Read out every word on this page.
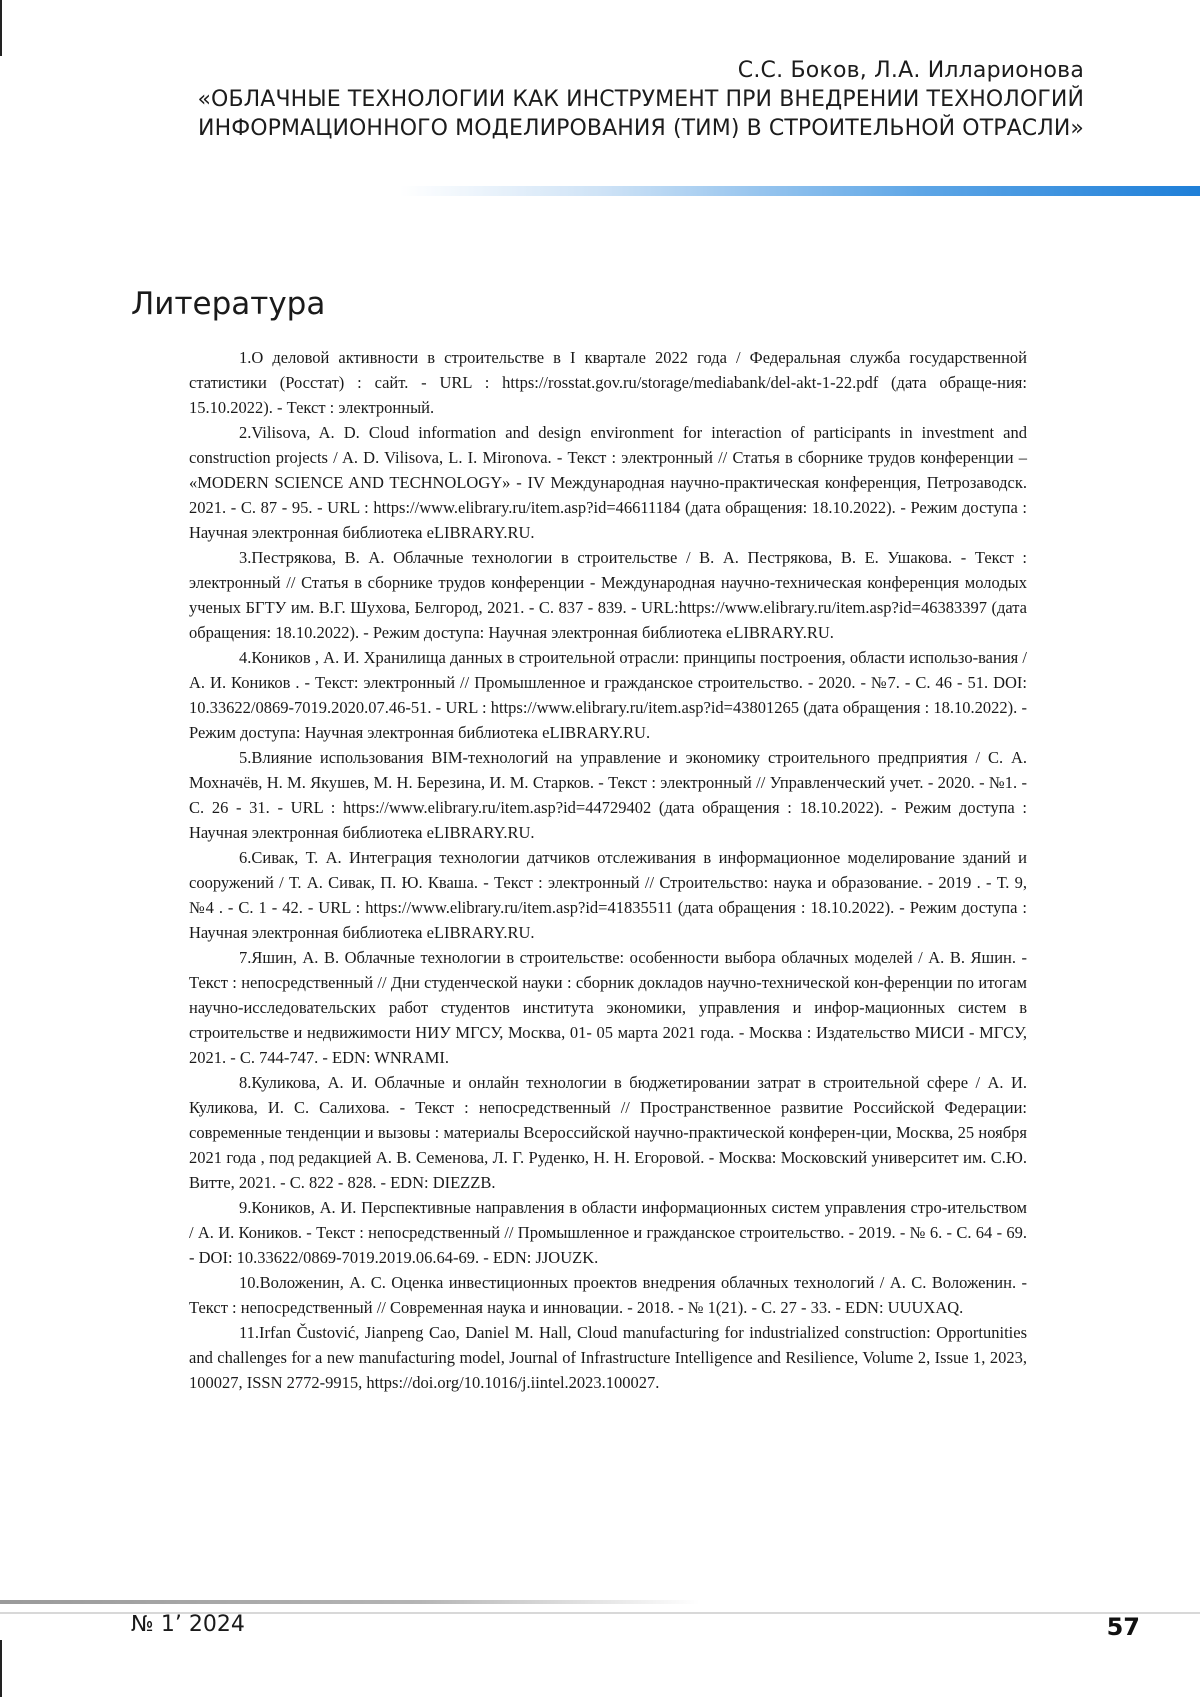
С.С. Боков, Л.А. Илларионова
«ОБЛАЧНЫЕ ТЕХНОЛОГИИ КАК ИНСТРУМЕНТ ПРИ ВНЕДРЕНИИ ТЕХНОЛОГИЙ
ИНФОРМАЦИОННОГО МОДЕЛИРОВАНИЯ (ТИМ) В СТРОИТЕЛЬНОЙ ОТРАСЛИ»
Литература
1.О деловой активности в строительстве в I квартале 2022 года / Федеральная служба государственной статистики (Росстат) : сайт. - URL : https://rosstat.gov.ru/storage/mediabank/del-akt-1-22.pdf (дата обраще-ния: 15.10.2022). - Текст : электронный.
2.Vilisova, A. D. Cloud information and design environment for interaction of participants in investment and construction projects / A. D. Vilisova, L. I. Mironova. - Текст : электронный // Статья в сборнике трудов конференции – «MODERN SCIENCE AND TECHNOLOGY» - IV Международная научно-практическая конференция, Петрозаводск. 2021. - С. 87 - 95. - URL : https://www.elibrary.ru/item.asp?id=46611184 (дата обращения: 18.10.2022). - Режим доступа : Научная электронная библиотека eLIBRARY.RU.
3.Пестрякова, В. А. Облачные технологии в строительстве / В. А. Пестрякова, В. Е. Ушакова. - Текст : электронный // Статья в сборнике трудов конференции - Международная научно-техническая конференция молодых ученых БГТУ им. В.Г. Шухова, Белгород, 2021. - С. 837 - 839. - URL:https://www.elibrary.ru/item.asp?id=46383397 (дата обращения: 18.10.2022). - Режим доступа: Научная электронная библиотека eLIBRARY.RU.
4.Коников , А. И. Хранилища данных в строительной отрасли: принципы построения, области использо-вания / А. И. Коников . - Текст: электронный // Промышленное и гражданское строительство. - 2020. - №7. - С. 46 - 51. DOI: 10.33622/0869-7019.2020.07.46-51. - URL : https://www.elibrary.ru/item.asp?id=43801265 (дата обращения : 18.10.2022). - Режим доступа: Научная электронная библиотека eLIBRARY.RU.
5.Влияние использования BIM-технологий на управление и экономику строительного предприятия / С. А. Мохначёв, Н. М. Якушев, М. Н. Березина, И. М. Старков. - Текст : электронный // Управленческий учет. - 2020. - №1. - С. 26 - 31. - URL : https://www.elibrary.ru/item.asp?id=44729402 (дата обращения : 18.10.2022). - Режим доступа : Научная электронная библиотека eLIBRARY.RU.
6.Сивак, Т. А. Интеграция технологии датчиков отслеживания в информационное моделирование зданий и сооружений / Т. А. Сивак, П. Ю. Кваша. - Текст : электронный // Строительство: наука и образование. - 2019 . - Т. 9, №4 . - С. 1 - 42. - URL : https://www.elibrary.ru/item.asp?id=41835511 (дата обращения : 18.10.2022). - Режим доступа : Научная электронная библиотека eLIBRARY.RU.
7.Яшин, А. В. Облачные технологии в строительстве: особенности выбора облачных моделей / А. В. Яшин. - Текст : непосредственный // Дни студенческой науки : сборник докладов научно-технической кон-ференции по итогам научно-исследовательских работ студентов института экономики, управления и инфор-мационных систем в строительстве и недвижимости НИУ МГСУ, Москва, 01- 05 марта 2021 года. - Москва : Издательство МИСИ - МГСУ, 2021. - С. 744-747. - EDN: WNRAMI.
8.Куликова, А. И. Облачные и онлайн технологии в бюджетировании затрат в строительной сфере / А. И. Куликова, И. С. Салихова. - Текст : непосредственный // Пространственное развитие Российской Федерации: современные тенденции и вызовы : материалы Всероссийской научно-практической конферен-ции, Москва, 25 ноября 2021 года , под редакцией А. В. Семенова, Л. Г. Руденко, Н. Н. Егоровой. - Москва: Московский университет им. С.Ю. Витте, 2021. - С. 822 - 828. - EDN: DIEZZB.
9.Коников, А. И. Перспективные направления в области информационных систем управления стро-ительством / А. И. Коников. - Текст : непосредственный // Промышленное и гражданское строительство. - 2019. - № 6. - С. 64 - 69. - DOI: 10.33622/0869-7019.2019.06.64-69. - EDN: JJOUZK.
10.Воложенин, А. С. Оценка инвестиционных проектов внедрения облачных технологий / А. С. Воложенин. - Текст : непосредственный // Современная наука и инновации. - 2018. - № 1(21). - С. 27 - 33. - EDN: UUUXAQ.
11.Irfan Čustović, Jianpeng Cao, Daniel M. Hall, Cloud manufacturing for industrialized construction: Opportunities and challenges for a new manufacturing model, Journal of Infrastructure Intelligence and Resilience, Volume 2, Issue 1, 2023, 100027, ISSN 2772-9915, https://doi.org/10.1016/j.iintel.2023.100027.
№ 1’ 2024	57
